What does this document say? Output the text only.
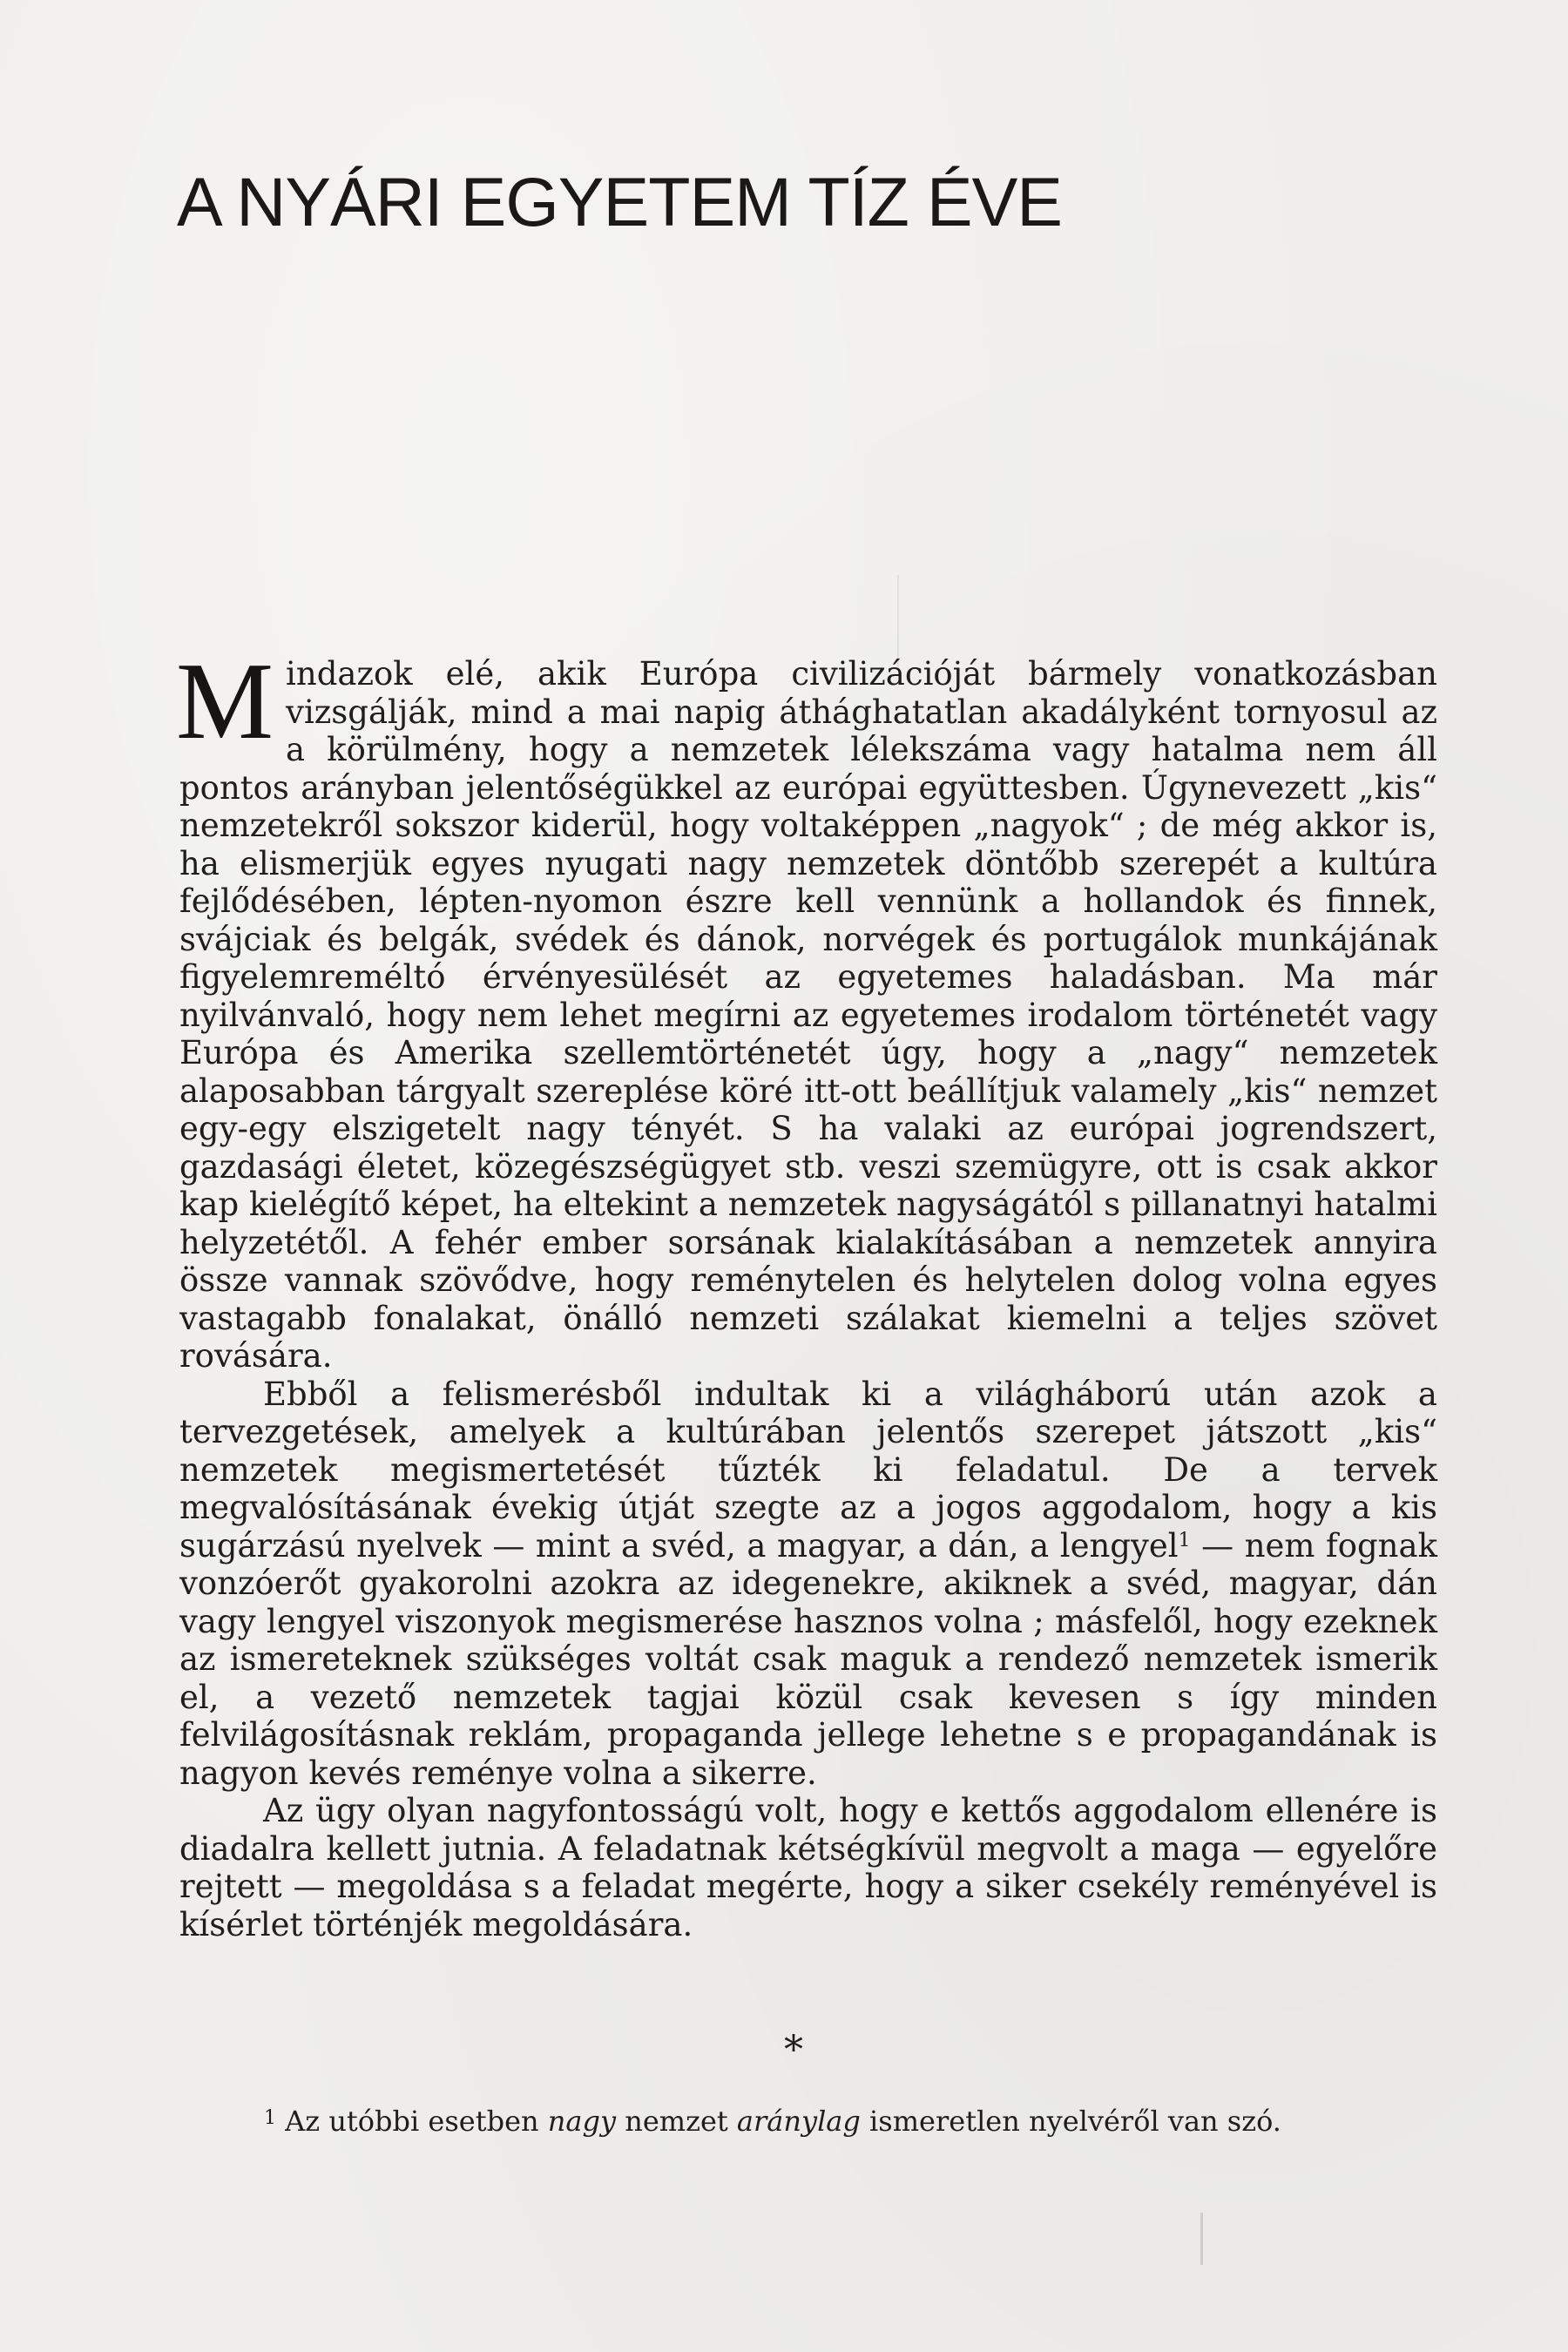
A NYÁRI EGYETEM TÍZ ÉVE

Mindazok elé, akik Európa civilizációját bármely vonatkozásban vizsgálják, mind a mai napig áthághatatlan akadályként tornyosul az a körülmény, hogy a nemzetek lélekszáma vagy hatalma nem áll pontos arányban jelentőségükkel az európai együttesben. Úgynevezett „kis“ nemzetekről sokszor kiderül, hogy voltaképpen „nagyok“ ; de még akkor is, ha elismerjük egyes nyugati nagy nemzetek döntőbb szerepét a kultúra fejlődésében, lépten-nyomon észre kell vennünk a hollandok és finnek, svájciak és belgák, svédek és dánok, norvégek és portugálok munkájának figyelemreméltó érvényesülését az egyetemes haladásban. Ma már nyilvánvaló, hogy nem lehet megírni az egyetemes irodalom történetét vagy Európa és Amerika szellemtörténetét úgy, hogy a „nagy“ nemzetek alaposabban tárgyalt szereplése köré itt-ott beállítjuk valamely „kis“ nemzet egy-egy elszigetelt nagy tényét. S ha valaki az európai jogrendszert, gazdasági életet, közegészségügyet stb. veszi szemügyre, ott is csak akkor kap kielégítő képet, ha eltekint a nemzetek nagyságától s pillanatnyi hatalmi helyzetétől. A fehér ember sorsának kialakításában a nemzetek annyira össze vannak szövődve, hogy reménytelen és helytelen dolog volna egyes vastagabb fonalakat, önálló nemzeti szálakat kiemelni a teljes szövet rovására.

Ebből a felismerésből indultak ki a világháború után azok a tervezgetések, amelyek a kultúrában jelentős szerepet játszott „kis“ nemzetek megismertetését tűzték ki feladatul. De a tervek megvalósításának évekig útját szegte az a jogos aggodalom, hogy a kis sugárzású nyelvek — mint a svéd, a magyar, a dán, a lengyel$^1$ — nem fognak vonzóerőt gyakorolni azokra az idegenekre, akiknek a svéd, magyar, dán vagy lengyel viszonyok megismerése hasznos volna ; másfelől, hogy ezeknek az ismereteknek szükséges voltát csak maguk a rendező nemzetek ismerik el, a vezető nemzetek tagjai közül csak kevesen s így minden felvilágosításnak reklám, propaganda jellege lehetne s e propagandának is nagyon kevés reménye volna a sikerre.

Az ügy olyan nagyfontosságú volt, hogy e kettős aggodalom ellenére is diadalra kellett jutnia. A feladatnak kétségkívül megvolt a maga — egyelőre rejtett — megoldása s a feladat megérte, hogy a siker csekély reményével is kísérlet történjék megoldására.

*
$^1$ Az utóbbi esetben nagy nemzet aránylag ismeretlen nyelvéről van szó.
